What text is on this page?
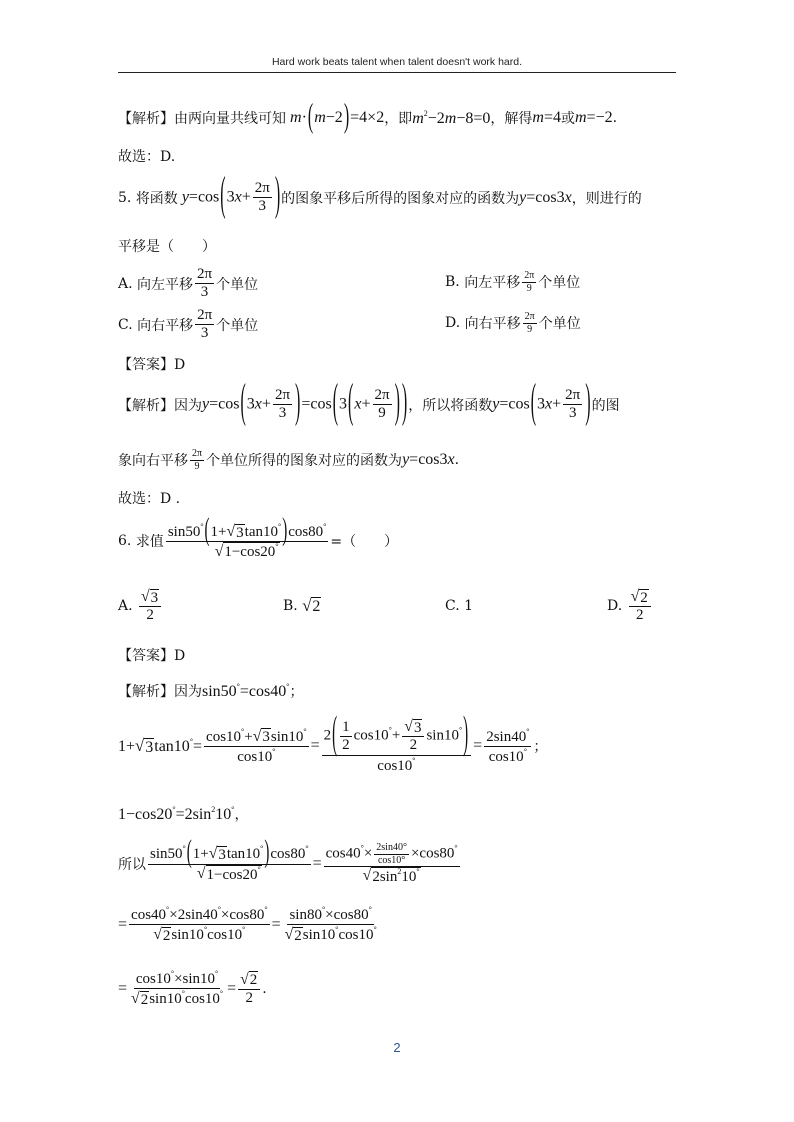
Hard work beats talent when talent doesn't work hard.
【解析】 由两向量共线可知 m·(m−2)=4×2 ，即 $m^2-2m-8=0$ ，解得 m=4 或 m=−2 .
故选：D.
5.
将函数 $y=\cos(3x+ \frac{2\pi}{3}$ ) 的图象平移后所得的图象对应的函数为 y=cos3x ，则进行的
平移是（　　）
A.
向左平移 $\frac{2\pi}{3}$ 个单位	B.
向左平移 $\frac{2\pi}{9}$ 个单位
C.
向右平移 $\frac{2\pi}{3}$ 个单位	D.
向右平移 $\frac{2\pi}{9}$ 个单位
【答案】D
【解析】 因为 $y=\cos(3x+ \frac{2\pi}{3} )=\cos(3(x+ \frac{2\pi}{9}$ ) ) ，所以将函数 $y=\cos(3x+ \frac{2\pi}{3}$ ) 的图
象向右平移 $\frac{2\pi}{9}$ 个单位所得的图象对应的函数为 y=cos3x .
故选：D .
6.
求值 $\frac{\sin 50^\circ(1+ √ 3 \tan 10^\circ)\cos 80^\circ}{√ 1-\cos 20^\circ}$ =（　　）
A.
$\frac{√ 3}{2}$	B.
√ 2	C. 1	D.
$\frac{√ 2}{2}$
【答案】D
【解析】 因为 sin50°=cos40° ；
1+ √ 3 $\tan 10^\circ= \frac{\cos 10^\circ+ √ 3 \sin 10^\circ}{\cos 10^\circ} = \frac{2( \frac{1}{2} \cos 10^\circ+ \frac{√ 3}{2} \sin 10^\circ)}{\cos 10^\circ} = \frac{2\sin 40^\circ}{\cos 10^\circ}$ ；
$1-\cos 20^\circ=2\sin^210^\circ$ ，
所以 $\frac{\sin 50^\circ(1+ √ 3 \tan 10^\circ)\cos 80^\circ}{√ 1-\cos 20^\circ} = \frac{\cos 40^\circ\times \frac{2\sin 40^\circ}{\cos 10^\circ} \times\cos 80^\circ}{√ 2\sin^210^\circ}$
= $\frac{\cos 40^\circ\times 2\sin 40^\circ\times\cos 80^\circ}{√ 2 \sin 10^\circ\cos 10^\circ} = \frac{\sin 80^\circ\times\cos 80^\circ}{√ 2 \sin 10^\circ\cos 10^\circ}$
= $\frac{\cos 10^\circ\times\sin 10^\circ}{√ 2 \sin 10^\circ\cos 10^\circ} = \frac{√ 2}{2}$ .
2
